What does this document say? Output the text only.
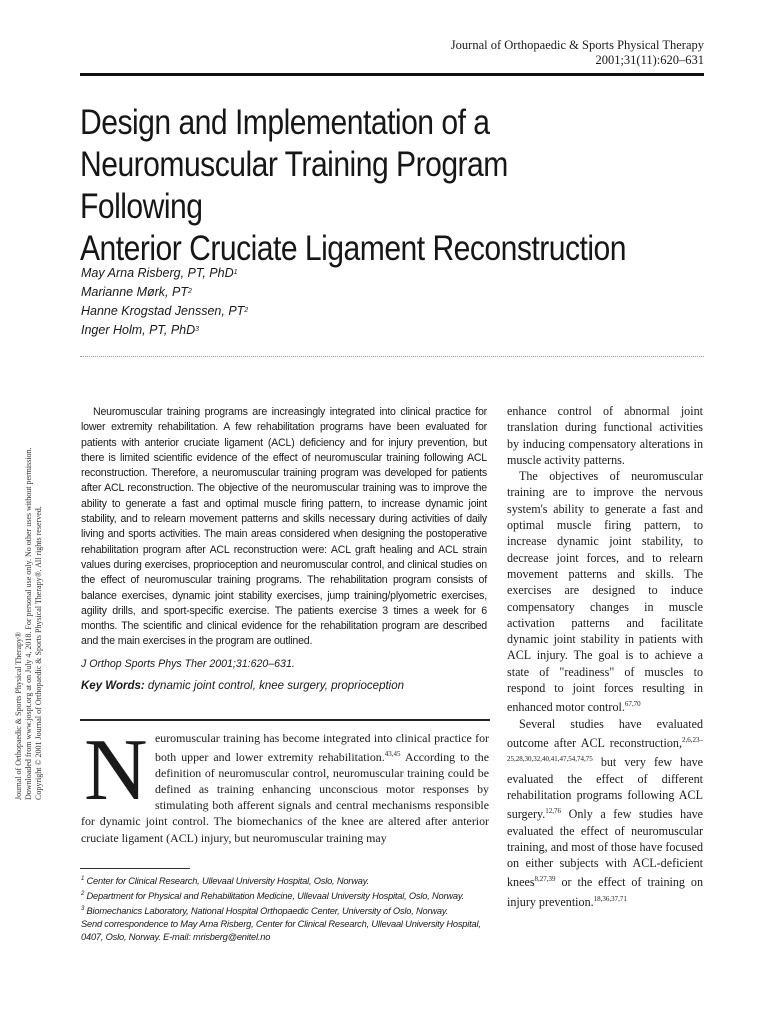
Journal of Orthopaedic & Sports Physical Therapy
2001;31(11):620–631
Design and Implementation of a
Neuromuscular Training Program Following
Anterior Cruciate Ligament Reconstruction
May Arna Risberg, PT, PhD$^1$
Marianne Mørk, $PT^2$
Hanne Krogstad Jenssen, $PT^2$
Inger Holm, PT, PhD$^3$
Journal of Orthopaedic & Sports Physical Therapy® Downloaded from www.jospt.org at on July 4, 2018. For personal use only. No other uses without permission. Copyright © 2001 Journal of Orthopaedic & Sports Physical Therapy®. All rights reserved.

Neuromuscular training programs are increasingly integrated into clinical practice for lower extremity rehabilitation. A few rehabilitation programs have been evaluated for patients with anterior cruciate ligament (ACL) deficiency and for injury prevention, but there is limited scientific evidence of the effect of neuromuscular training following ACL reconstruction. Therefore, a neuromuscular training program was developed for patients after ACL reconstruction. The objective of the neuromuscular training was to improve the ability to generate a fast and optimal muscle firing pattern, to increase dynamic joint stability, and to relearn movement patterns and skills necessary during activities of daily living and sports activities. The main areas considered when designing the postoperative rehabilitation program after ACL reconstruction were: ACL graft healing and ACL strain values during exercises, proprioception and neuromuscular control, and clinical studies on the effect of neuromuscular training programs. The rehabilitation program consists of balance exercises, dynamic joint stability exercises, jump training/plyometric exercises, agility drills, and sport-specific exercise. The patients exercise 3 times a week for 6 months. The scientific and clinical evidence for the rehabilitation program are described and the main exercises in the program are outlined.

J Orthop Sports Phys Ther 2001;31:620–631.
Key Words: dynamic joint control, knee surgery, proprioception
N euromuscular training has become integrated into clinical practice for both upper and lower extremity rehabilitation.$^{43,45}$ According to the definition of neuromuscular control, neuromuscular training could be defined as training enhancing unconscious motor responses by stimulating both afferent signals and central mechanisms responsible for dynamic joint control. The biomechanics of the knee are altered after anterior cruciate ligament (ACL) injury, but neuromuscular training may
$^1$ Center for Clinical Research, Ullevaal University Hospital, Oslo, Norway.
$^2$ Department for Physical and Rehabilitation Medicine, Ullevaal University Hospital, Oslo, Norway.
$^3$ Biomechanics Laboratory, National Hospital Orthopaedic Center, University of Oslo, Norway.
Send correspondence to May Arna Risberg, Center for Clinical Research, Ullevaal University Hospital, 0407, Oslo, Norway. E-mail: mrisberg@enitel.no

enhance control of abnormal joint translation during functional activities by inducing compensatory alterations in muscle activity patterns.

The objectives of neuromuscular training are to improve the nervous system's ability to generate a fast and optimal muscle firing pattern, to increase dynamic joint stability, to decrease joint forces, and to relearn movement patterns and skills. The exercises are designed to induce compensatory changes in muscle activation patterns and facilitate dynamic joint stability in patients with ACL injury. The goal is to achieve a state of "readiness" of muscles to respond to joint forces resulting in enhanced motor control.$^{67,70}$

Several studies have evaluated outcome after ACL reconstruction,$^{2,6,23-25,28,30,32,40,41,47,54,74,75}$ but very few have evaluated the effect of different rehabilitation programs following ACL surgery.$^{12,76}$ Only a few studies have evaluated the effect of neuromuscular training, and most of those have focused on either subjects with ACL-deficient knees$^{8,27,39}$ or the effect of training on injury prevention.$^{18,36,37,71}$
